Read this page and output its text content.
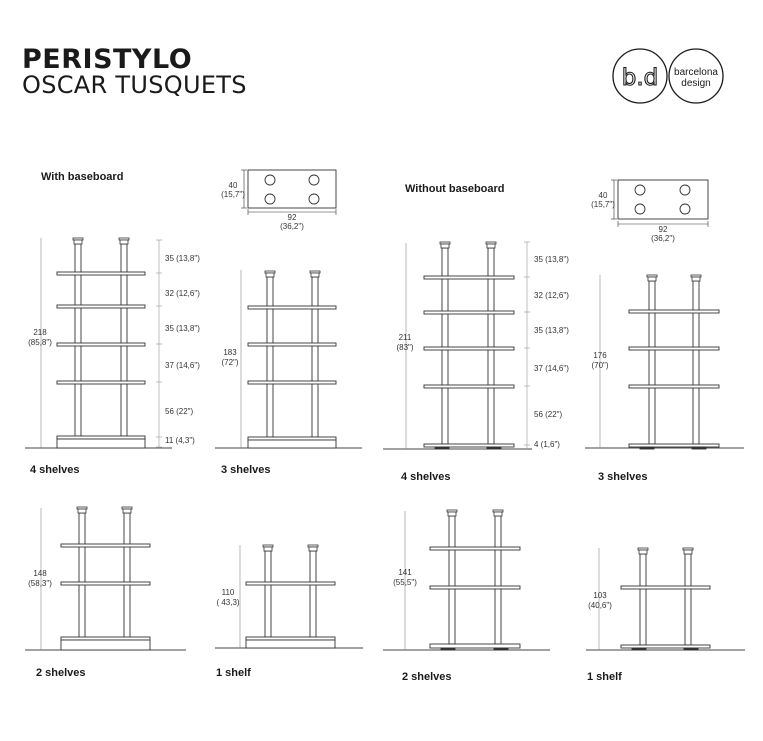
PERISTYLO
OSCAR TUSQUETS	b.d barcelona
design
With baseboard
Without baseboard
40
(15,7")
92
(36,2")
40
(15,7")
92
(36,2")
35 (13,8")
32 (12,6")
35 (13,8")
37 (14,6")
56 (22")
11 (4,3")
218
(85,8")
4 shelves
183
(72")
3 shelves
35 (13,8")
32 (12,6")
35 (13,8")
37 (14,6")
56 (22")
4 (1,6")
211
(83")
4 shelves
176
(70")
3 shelves
148
(58,3")
2 shelves
110
( 43,3)
1 shelf
141
(55,5")
2 shelves
103
(40,6")
1 shelf
